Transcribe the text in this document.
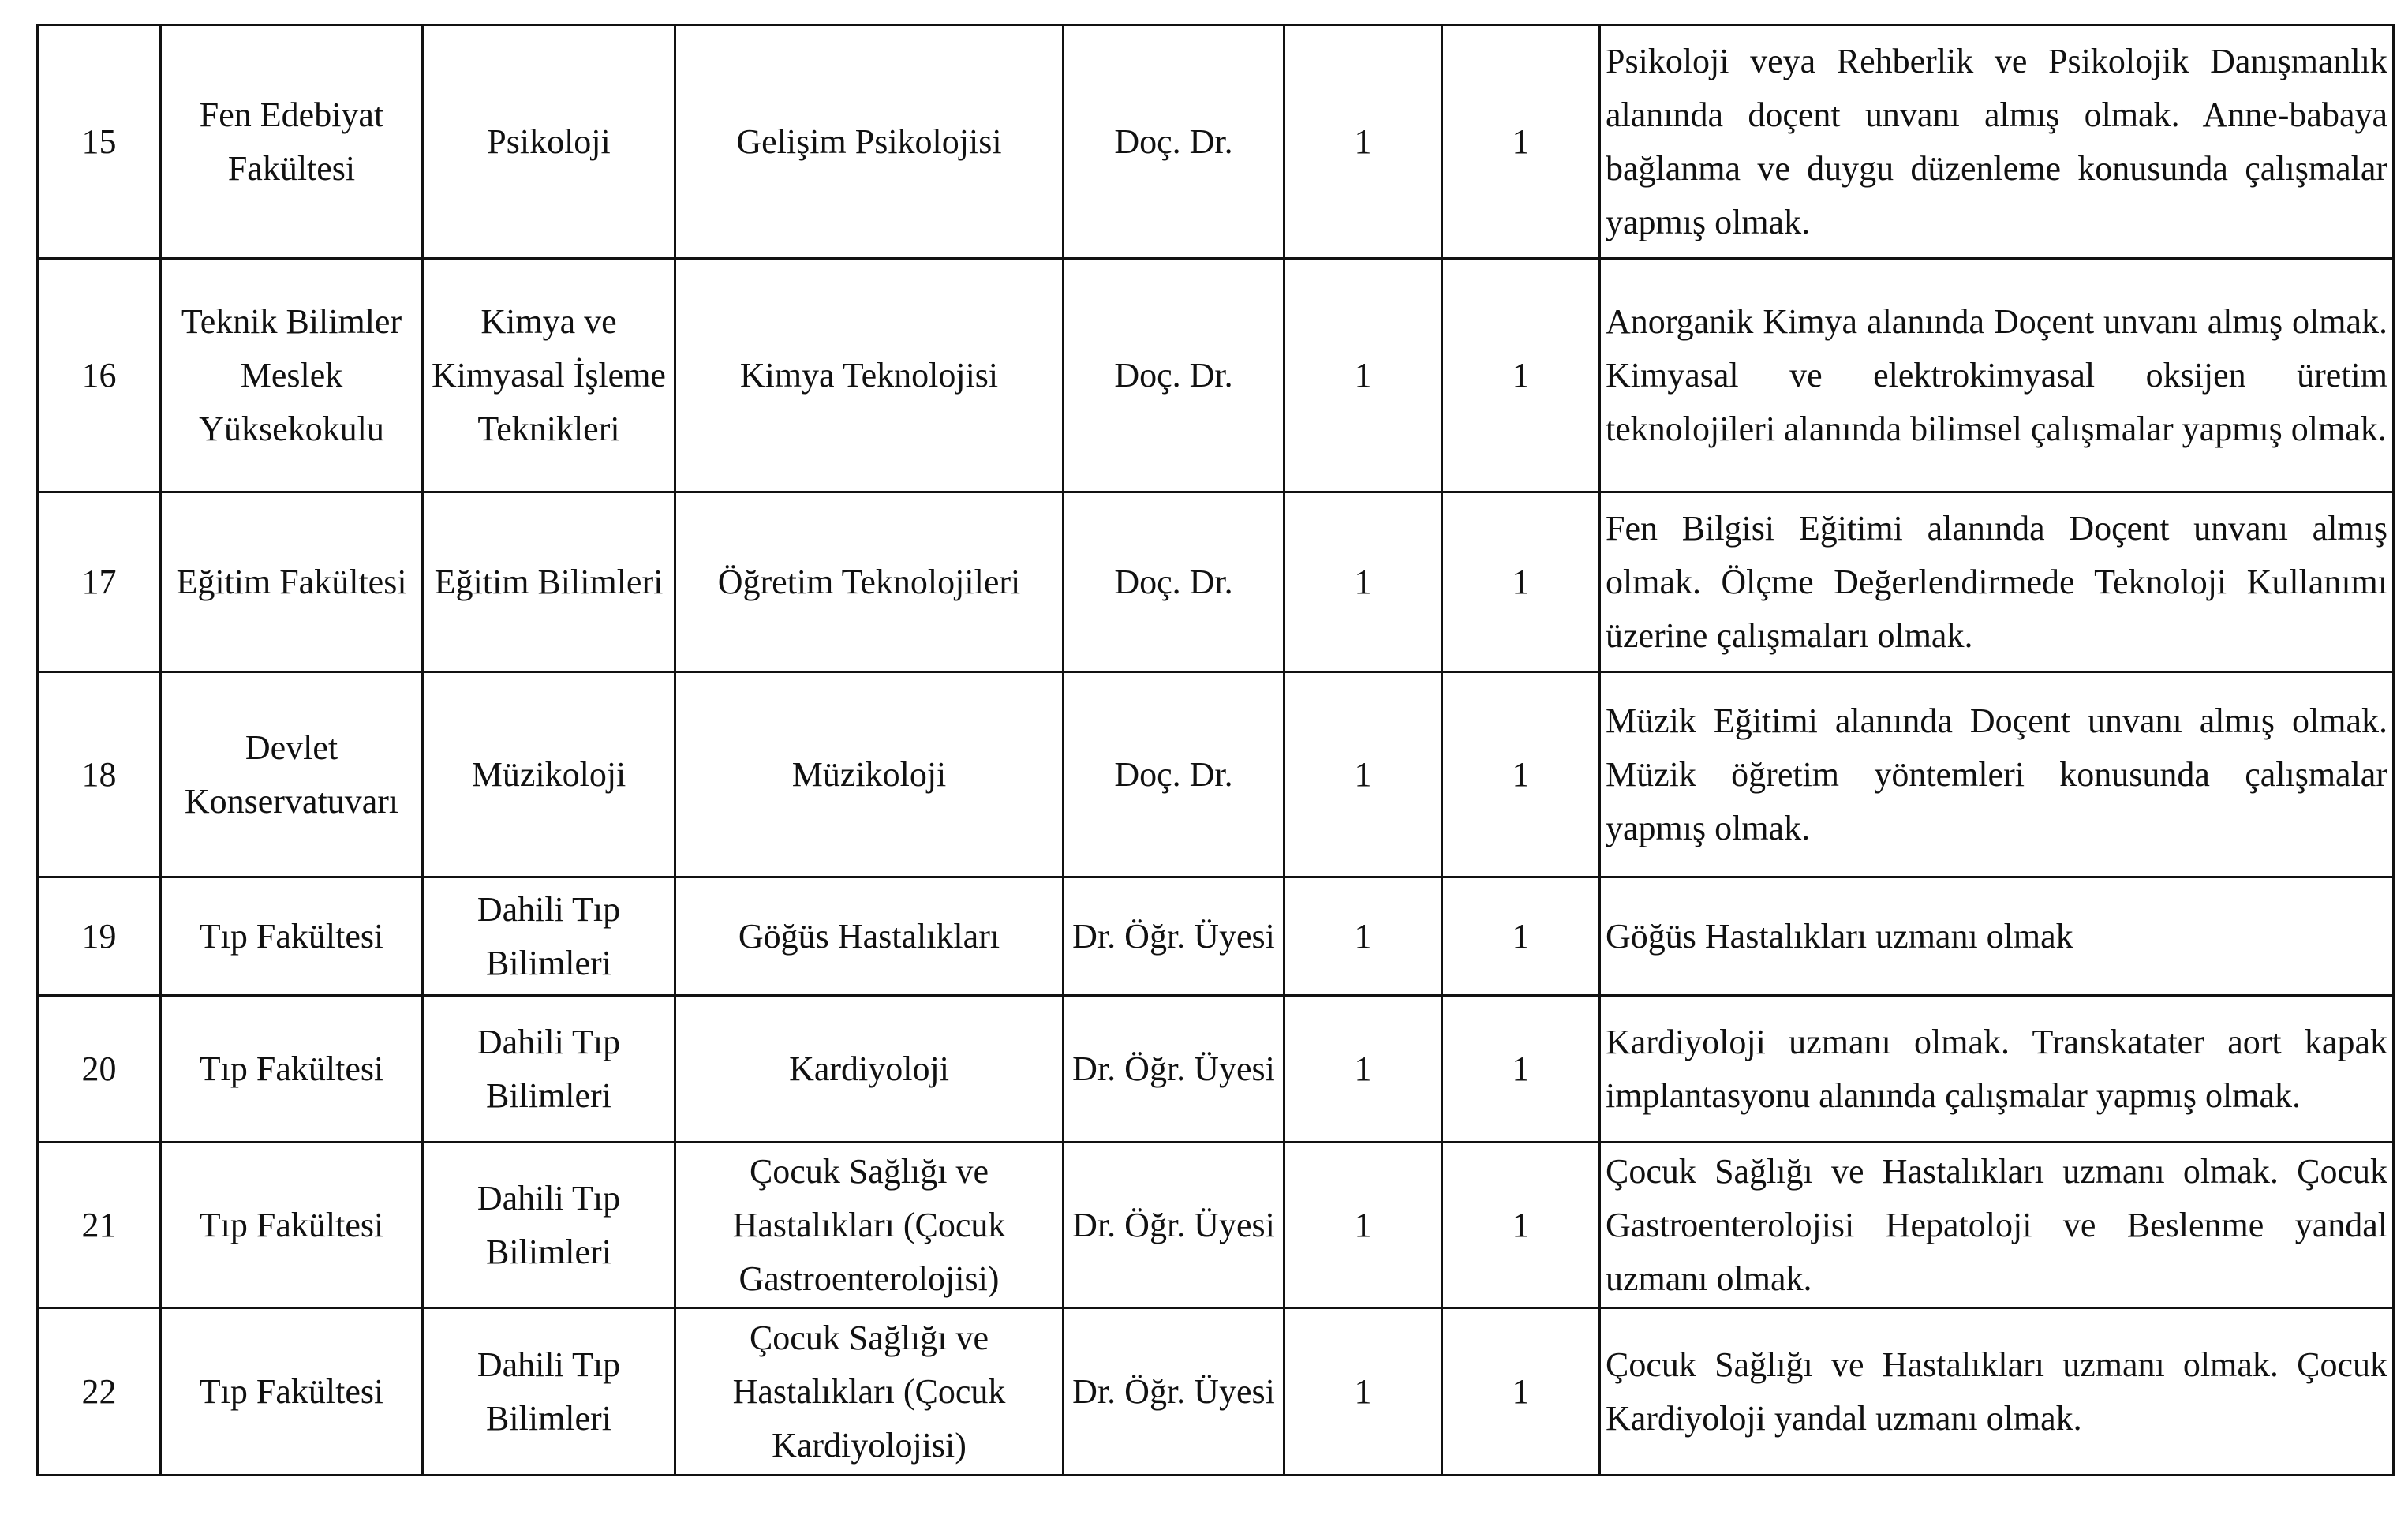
15	Fen Edebiyat Fakültesi	Psikoloji	Gelişim Psikolojisi	Doç. Dr.	1	1	Psikoloji veya Rehberlik ve Psikolojik Danışmanlık alanında doçent unvanı almış olmak. Anne-babaya bağlanma ve duygu düzenleme konusunda çalışmalar yapmış olmak.
16	Teknik Bilimler Meslek Yüksekokulu	Kimya ve Kimyasal İşleme Teknikleri	Kimya Teknolojisi	Doç. Dr.	1	1	Anorganik Kimya alanında Doçent unvanı almış olmak. Kimyasal ve elektrokimyasal oksijen üretim teknolojileri alanında bilimsel çalışmalar yapmış olmak.
17	Eğitim Fakültesi	Eğitim Bilimleri	Öğretim Teknolojileri	Doç. Dr.	1	1	Fen Bilgisi Eğitimi alanında Doçent unvanı almış olmak. Ölçme Değerlendirmede Teknoloji Kullanımı üzerine çalışmaları olmak.
18	Devlet Konservatuvarı	Müzikoloji	Müzikoloji	Doç. Dr.	1	1	Müzik Eğitimi alanında Doçent unvanı almış olmak. Müzik öğretim yöntemleri konusunda çalışmalar yapmış olmak.
19	Tıp Fakültesi	Dahili Tıp Bilimleri	Göğüs Hastalıkları	Dr. Öğr. Üyesi	1	1	Göğüs Hastalıkları uzmanı olmak
20	Tıp Fakültesi	Dahili Tıp Bilimleri	Kardiyoloji	Dr. Öğr. Üyesi	1	1	Kardiyoloji uzmanı olmak. Transkatater aort kapak implantasyonu alanında çalışmalar yapmış olmak.
21	Tıp Fakültesi	Dahili Tıp Bilimleri	Çocuk Sağlığı ve Hastalıkları (Çocuk Gastroenterolojisi)	Dr. Öğr. Üyesi	1	1	Çocuk Sağlığı ve Hastalıkları uzmanı olmak. Çocuk Gastroenterolojisi Hepatoloji ve Beslenme yandal uzmanı olmak.
22	Tıp Fakültesi	Dahili Tıp Bilimleri	Çocuk Sağlığı ve Hastalıkları (Çocuk Kardiyolojisi)	Dr. Öğr. Üyesi	1	1	Çocuk Sağlığı ve Hastalıkları uzmanı olmak. Çocuk Kardiyoloji yandal uzmanı olmak.
